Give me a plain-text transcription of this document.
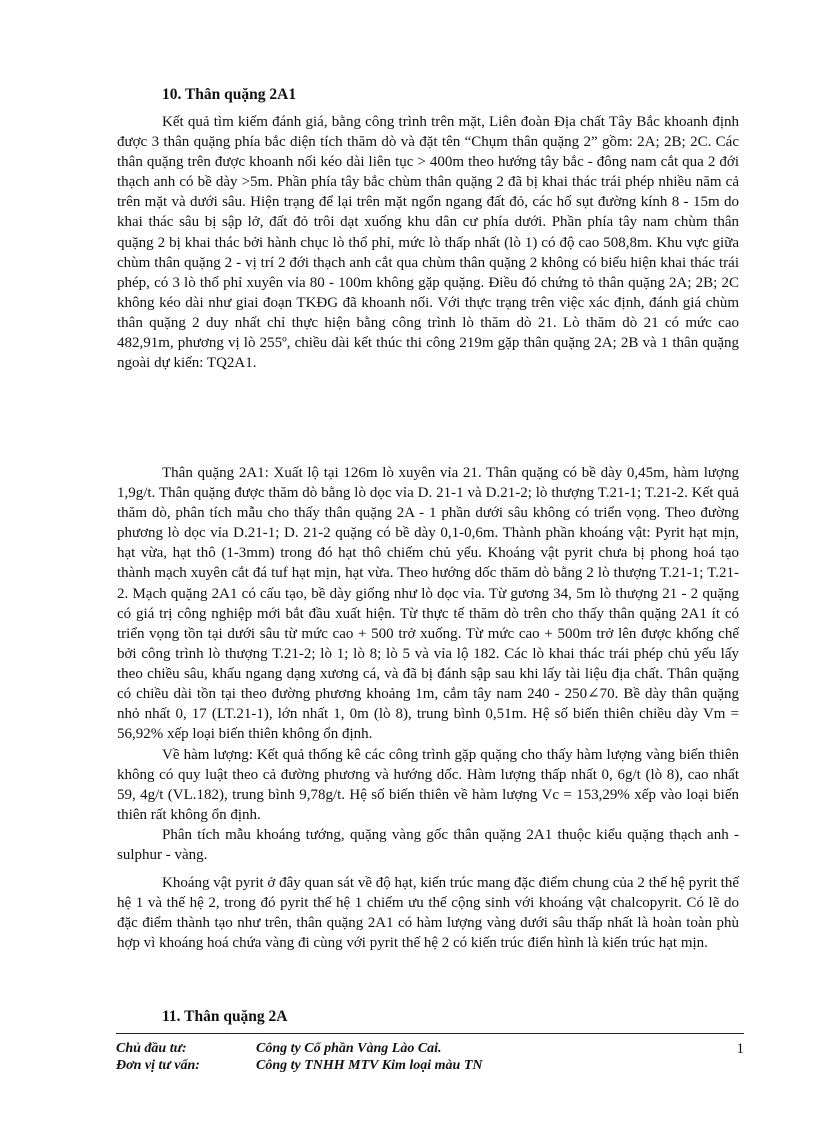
10. Thân quặng 2A1

Kết quả tìm kiếm đánh giá, bằng công trình trên mặt, Liên đoàn Địa chất Tây Bắc khoanh định được 3 thân quặng phía bắc diện tích thăm dò và đặt tên “Chụm thân quặng 2” gồm: 2A; 2B; 2C. Các thân quặng trên được khoanh nối kéo dài liên tục > 400m theo hướng tây bắc - đông nam cắt qua 2 đới thạch anh có bề dày >5m. Phần phía tây bắc chùm thân quặng 2 đã bị khai thác trái phép nhiều năm cả trên mặt và dưới sâu. Hiện trạng để lại trên mặt ngổn ngang đất đỏ, các hố sụt đường kính 8 - 15m do khai thác sâu bị sập lở, đất đỏ trôi dạt xuống khu dân cư phía dưới. Phần phía tây nam chùm thân quặng 2 bị khai thác bởi hành chục lò thổ phỉ, mức lò thấp nhất (lò 1) có độ cao 508,8m. Khu vực giữa chùm thân quặng 2 - vị trí 2 đới thạch anh cắt qua chùm thân quặng 2 không có biểu hiện khai thác trái phép, có 3 lò thổ phỉ xuyên vỉa 80 - 100m không gặp quặng. Điều đó chứng tỏ thân quặng 2A; 2B; 2C không kéo dài như giai đoạn TKĐG đã khoanh nối. Với thực trạng trên việc xác định, đánh giá chùm thân quặng 2 duy nhất chỉ thực hiện bằng công trình lò thăm dò 21. Lò thăm dò 21 có mức cao 482,91m, phương vị lò 255º, chiều dài kết thúc thi công 219m gặp thân quặng 2A; 2B và 1 thân quặng ngoài dự kiến: TQ2A1.

Thân quặng 2A1: Xuất lộ tại 126m lò xuyên vỉa 21. Thân quặng có bề dày 0,45m, hàm lượng 1,9g/t. Thân quặng được thăm dò bằng lò dọc vỉa D. 21-1 và D.21-2; lò thượng T.21-1; T.21-2. Kết quả thăm dò, phân tích mẫu cho thấy thân quặng 2A - 1 phần dưới sâu không có triển vọng. Theo đường phương lò dọc vỉa D.21-1; D. 21-2 quặng có bề dày 0,1-0,6m. Thành phần khoáng vật: Pyrit hạt mịn, hạt vừa, hạt thô (1-3mm) trong đó hạt thô chiếm chủ yếu. Khoáng vật pyrit chưa bị phong hoá tạo thành mạch xuyên cắt đá tuf hạt mịn, hạt vừa. Theo hướng dốc thăm dò bằng 2 lò thượng T.21-1; T.21-2. Mạch quặng 2A1 có cấu tạo, bề dày giống như lò dọc vỉa. Từ gương 34, 5m lò thượng 21 - 2 quặng có giá trị công nghiệp mới bắt đầu xuất hiện. Từ thực tế thăm dò trên cho thấy thân quặng 2A1 ít có triển vọng tồn tại dưới sâu từ mức cao + 500 trở xuống. Từ mức cao + 500m trở lên được khống chế bởi công trình lò thượng T.21-2; lò 1; lò 8; lò 5 và vỉa lộ 182. Các lò khai thác trái phép chủ yếu lấy theo chiều sâu, khấu ngang dạng xương cá, và đã bị đánh sập sau khi lấy tài liệu địa chất. Thân quặng có chiều dài tồn tại theo đường phương khoảng 1m, cắm tây nam 240 - 250∠70. Bề dày thân quặng nhỏ nhất 0, 17 (LT.21-1), lớn nhất 1, 0m (lò 8), trung bình 0,51m. Hệ số biến thiên chiều dày Vm = 56,92% xếp loại biến thiên không ổn định.

Về hàm lượng: Kết quả thống kê các công trình gặp quặng cho thấy hàm lượng vàng biến thiên không có quy luật theo cả đường phương và hướng dốc. Hàm lượng thấp nhất 0, 6g/t (lò 8), cao nhất 59, 4g/t (VL.182), trung bình 9,78g/t. Hệ số biến thiên về hàm lượng Vc = 153,29% xếp vào loại biến thiên rất không ổn định.

Phân tích mẫu khoáng tướng, quặng vàng gốc thân quặng 2A1 thuộc kiểu quặng thạch anh - sulphur - vàng.

Khoáng vật pyrit ở đây quan sát về độ hạt, kiến trúc mang đặc điểm chung của 2 thế hệ pyrit thế hệ 1 và thế hệ 2, trong đó pyrit thế hệ 1 chiếm ưu thế cộng sinh với khoáng vật chalcopyrit. Có lẽ do đặc điểm thành tạo như trên, thân quặng 2A1 có hàm lượng vàng dưới sâu thấp nhất là hoàn toàn phù hợp vì khoáng hoá chứa vàng đi cùng với pyrit thế hệ 2 có kiến trúc điển hình là kiến trúc hạt mịn.

11. Thân quặng 2A
Chủ đầu tư:	Công ty Cổ phần Vàng Lào Cai.	1
Đơn vị tư vấn:	Công ty TNHH MTV Kim loại màu TN
